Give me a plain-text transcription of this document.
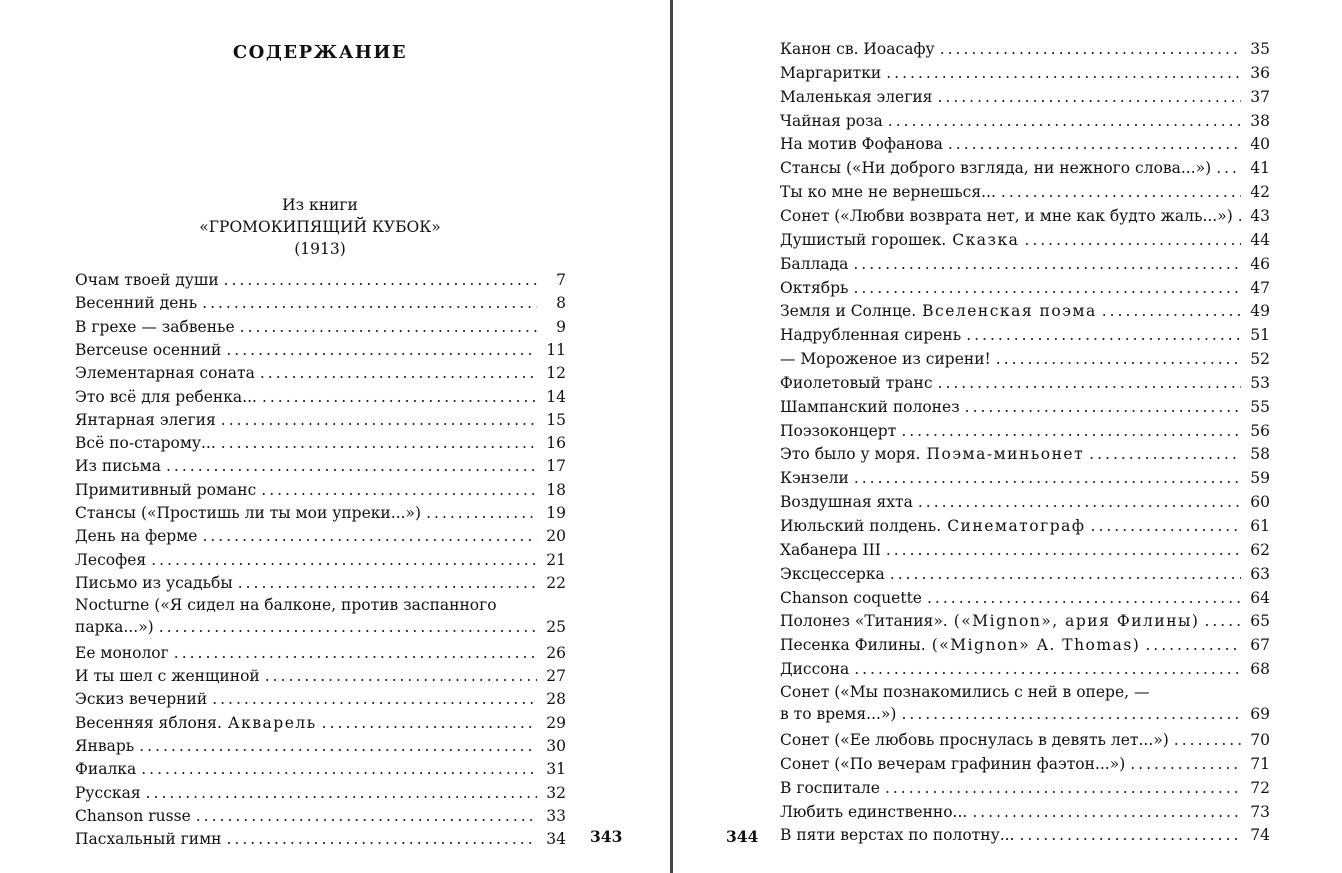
СОДЕРЖАНИЕ
Из книги
«ГРОМОКИПЯЩИЙ КУБОК»
(1913)
Очам твоей души .....	7
Весенний день .....	8
В грехе — забвенье .....	9
Berceuse осенний .....	11
Элементарная соната .....	12
Это всё для ребенка... .....	14
Янтарная элегия .....	15
Всё по-старому... .....	16
Из письма .....	17
Примитивный романс .....	18
Стансы («Простишь ли ты мои упреки...») .....	19
День на ферме .....	20
Лесофея .....	21
Письмо из усадьбы .....	22
Nocturne («Я сидел на балконе, против заспанного
парка...») .....	25
Ее монолог .....	26
И ты шел с женщиной .....	27
Эскиз вечерний .....	28
Весенняя яблоня. Акварель .....	29
Январь .....	30
Фиалка .....	31
Русская .....	32
Chanson russe .....	33
Пасхальный гимн .....	34
Канон св. Иоасафу .....	35
Маргаритки .....	36
Маленькая элегия .....	37
Чайная роза .....	38
На мотив Фофанова .....	40
Стансы («Ни доброго взгляда, ни нежного слова...») .....	41
Ты ко мне не вернешься... .....	42
Сонет («Любви возврата нет, и мне как будто жаль...») ..... 43
Душистый горошек. Сказка .....	44
Баллада .....	46
Октябрь .....	47
Земля и Солнце. Вселенская поэма .....	49
Надрубленная сирень .....	51
— Мороженое из сирени! .....	52
Фиолетовый транс .....	53
Шампанский полонез .....	55
Поэзоконцерт .....	56
Это было у моря. Поэма-миньонет .....	58
Кэнзели .....	59
Воздушная яхта .....	60
Июльский полдень. Синематограф .....	61
Хабанера III .....	62
Эксцессерка .....	63
Chanson coquette .....	64
Полонез «Титания». («Mignon», ария Филины) .....	65
Песенка Филины. («Mignon» A. Thomas) .....	67
Диссона .....	68
Сонет («Мы познакомились с ней в опере, —
в то время...») .....	69
Сонет («Ее любовь проснулась в девять лет...») .....	70
Сонет («По вечерам графинин фаэтон...») .....	71
В госпитале .....	72
Любить единственно... .....	73
В пяти верстах по полотну... .....	74
343	344
